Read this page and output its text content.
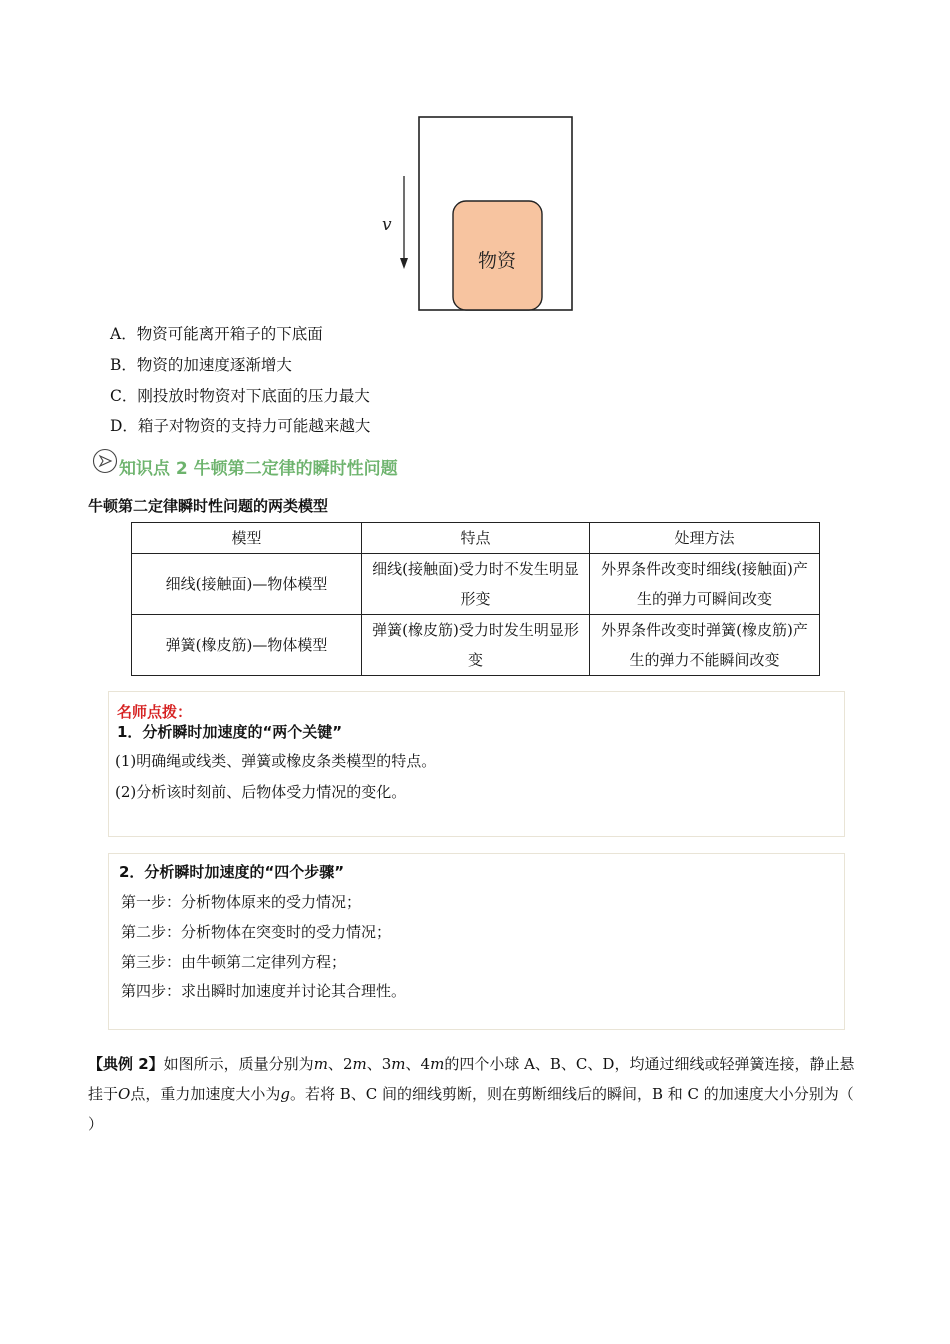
物资
v
A．物资可能离开箱子的下底面
B．物资的加速度逐渐增大
C．刚投放时物资对下底面的压力最大
D．箱子对物资的支持力可能越来越大
知识点 2 牛顿第二定律的瞬时性问题
牛顿第二定律瞬时性问题的两类模型
模型	特点	处理方法
细线(接触面)—物体模型	细线(接触面)受力时不发生明显形变	外界条件改变时细线(接触面)产生的弹力可瞬间改变
弹簧(橡皮筋)—物体模型	弹簧(橡皮筋)受力时发生明显形变	外界条件改变时弹簧(橡皮筋)产生的弹力不能瞬间改变
名师点拨：
1．分析瞬时加速度的“两个关键”
(1)明确绳或线类、弹簧或橡皮条类模型的特点。
(2)分析该时刻前、后物体受力情况的变化。
2．分析瞬时加速度的“四个步骤”
第一步：分析物体原来的受力情况；
第二步：分析物体在突变时的受力情况；
第三步：由牛顿第二定律列方程；
第四步：求出瞬时加速度并讨论其合理性。
【典例 2】如图所示，质量分别为m、2m、3m、4m的四个小球 A、B、C、D，均通过细线或轻弹簧连接，静止悬挂于O点，重力加速度大小为g。若将 B、C 间的细线剪断，则在剪断细线后的瞬间，B 和 C 的加速度大小分别为（ ）
